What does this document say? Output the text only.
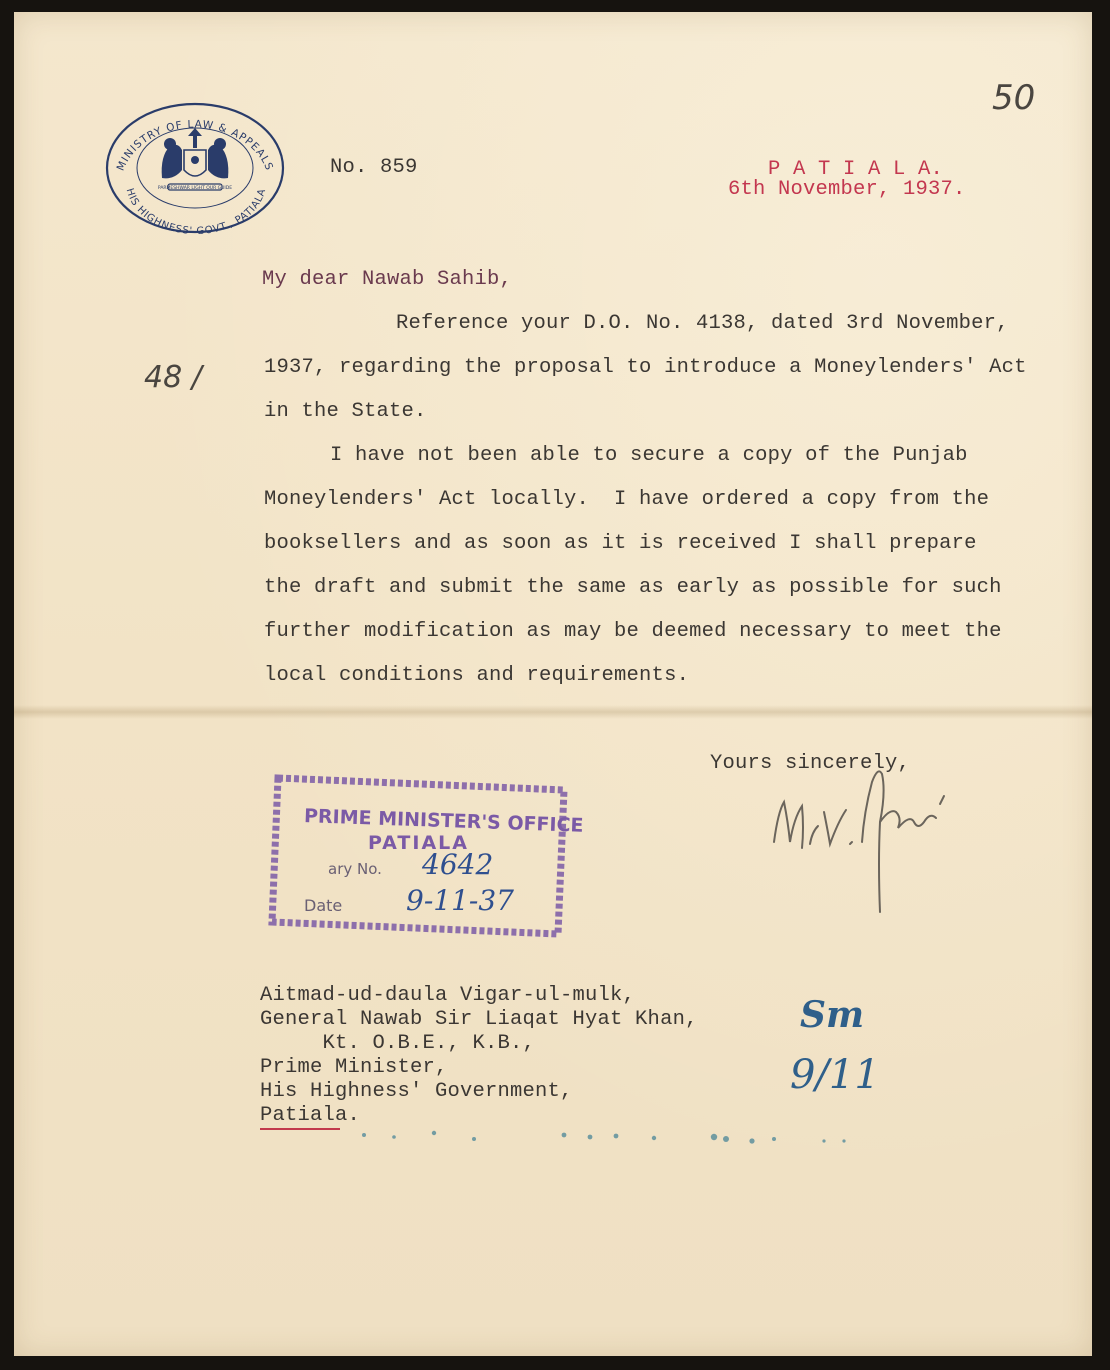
MINISTRY OF LAW & APPEALS
HIS HIGHNESS' GOVT., PATIALA
PARMESHWAR LIGHT OUR GUIDE
50
No. 859	P A T I A L A.
6th November, 1937.
My dear Nawab Sahib,
48 /
Reference your D.O. No. 4138, dated 3rd November,
1937, regarding the proposal to introduce a Moneylenders' Act
in the State.
I have not been able to secure a copy of the Punjab
Moneylenders' Act locally.  I have ordered a copy from the
booksellers and as soon as it is received I shall prepare
the draft and submit the same as early as possible for such
further modification as may be deemed necessary to meet the
local conditions and requirements.
Yours sincerely,
PRIME MINISTER'S OFFICE
PATIALA
ary No. 4642
Date 9-11-37
Aitmad-ud-daula Vigar-ul-mulk,
General Nawab Sir Liaqat Hyat Khan,
Kt. O.B.E., K.B.,
Prime Minister,
His Highness' Government,
Patiala.
Sm
9/11
